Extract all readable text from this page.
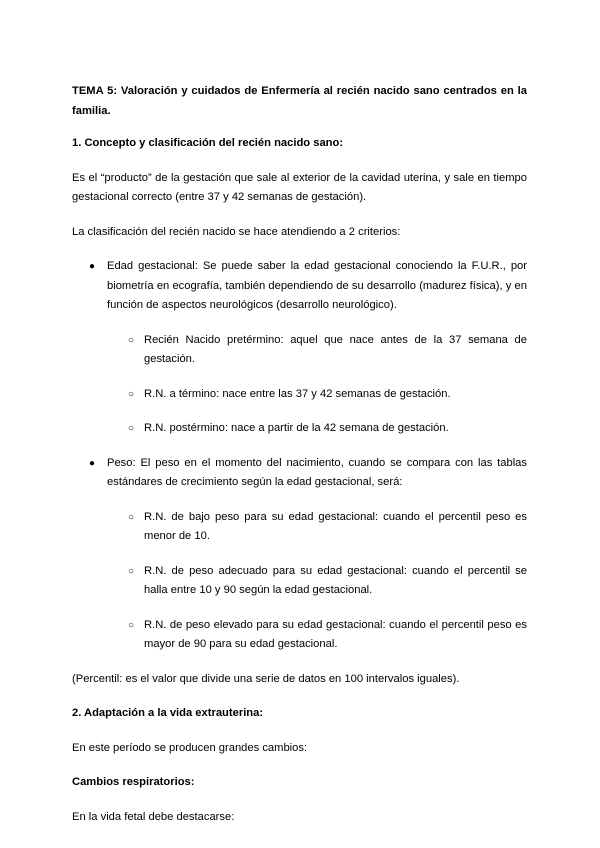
TEMA 5: Valoración y cuidados de Enfermería al recién nacido sano centrados en la familia.

1. Concepto y clasificación del recién nacido sano:

Es el “producto” de la gestación que sale al exterior de la cavidad uterina, y sale en tiempo gestacional correcto (entre 37 y 42 semanas de gestación).

La clasificación del recién nacido se hace atendiendo a 2 criterios:

● Edad gestacional: Se puede saber la edad gestacional conociendo la F.U.R., por biometría en ecografía, también dependiendo de su desarrollo (madurez física), y en función de aspectos neurológicos (desarrollo neurológico).
○ Recién Nacido pretérmino: aquel que nace antes de la 37 semana de gestación.
○ R.N. a término: nace entre las 37 y 42 semanas de gestación.
○ R.N. postérmino: nace a partir de la 42 semana de gestación.
● Peso: El peso en el momento del nacimiento, cuando se compara con las tablas estándares de crecimiento según la edad gestacional, será:
○ R.N. de bajo peso para su edad gestacional: cuando el percentil peso es menor de 10.
○ R.N. de peso adecuado para su edad gestacional: cuando el percentil se halla entre 10 y 90 según la edad gestacional.
○ R.N. de peso elevado para su edad gestacional: cuando el percentil peso es mayor de 90 para su edad gestacional.

(Percentil: es el valor que divide una serie de datos en 100 intervalos iguales).

2. Adaptación a la vida extrauterina:

En este período se producen grandes cambios:

Cambios respiratorios:

En la vida fetal debe destacarse:
